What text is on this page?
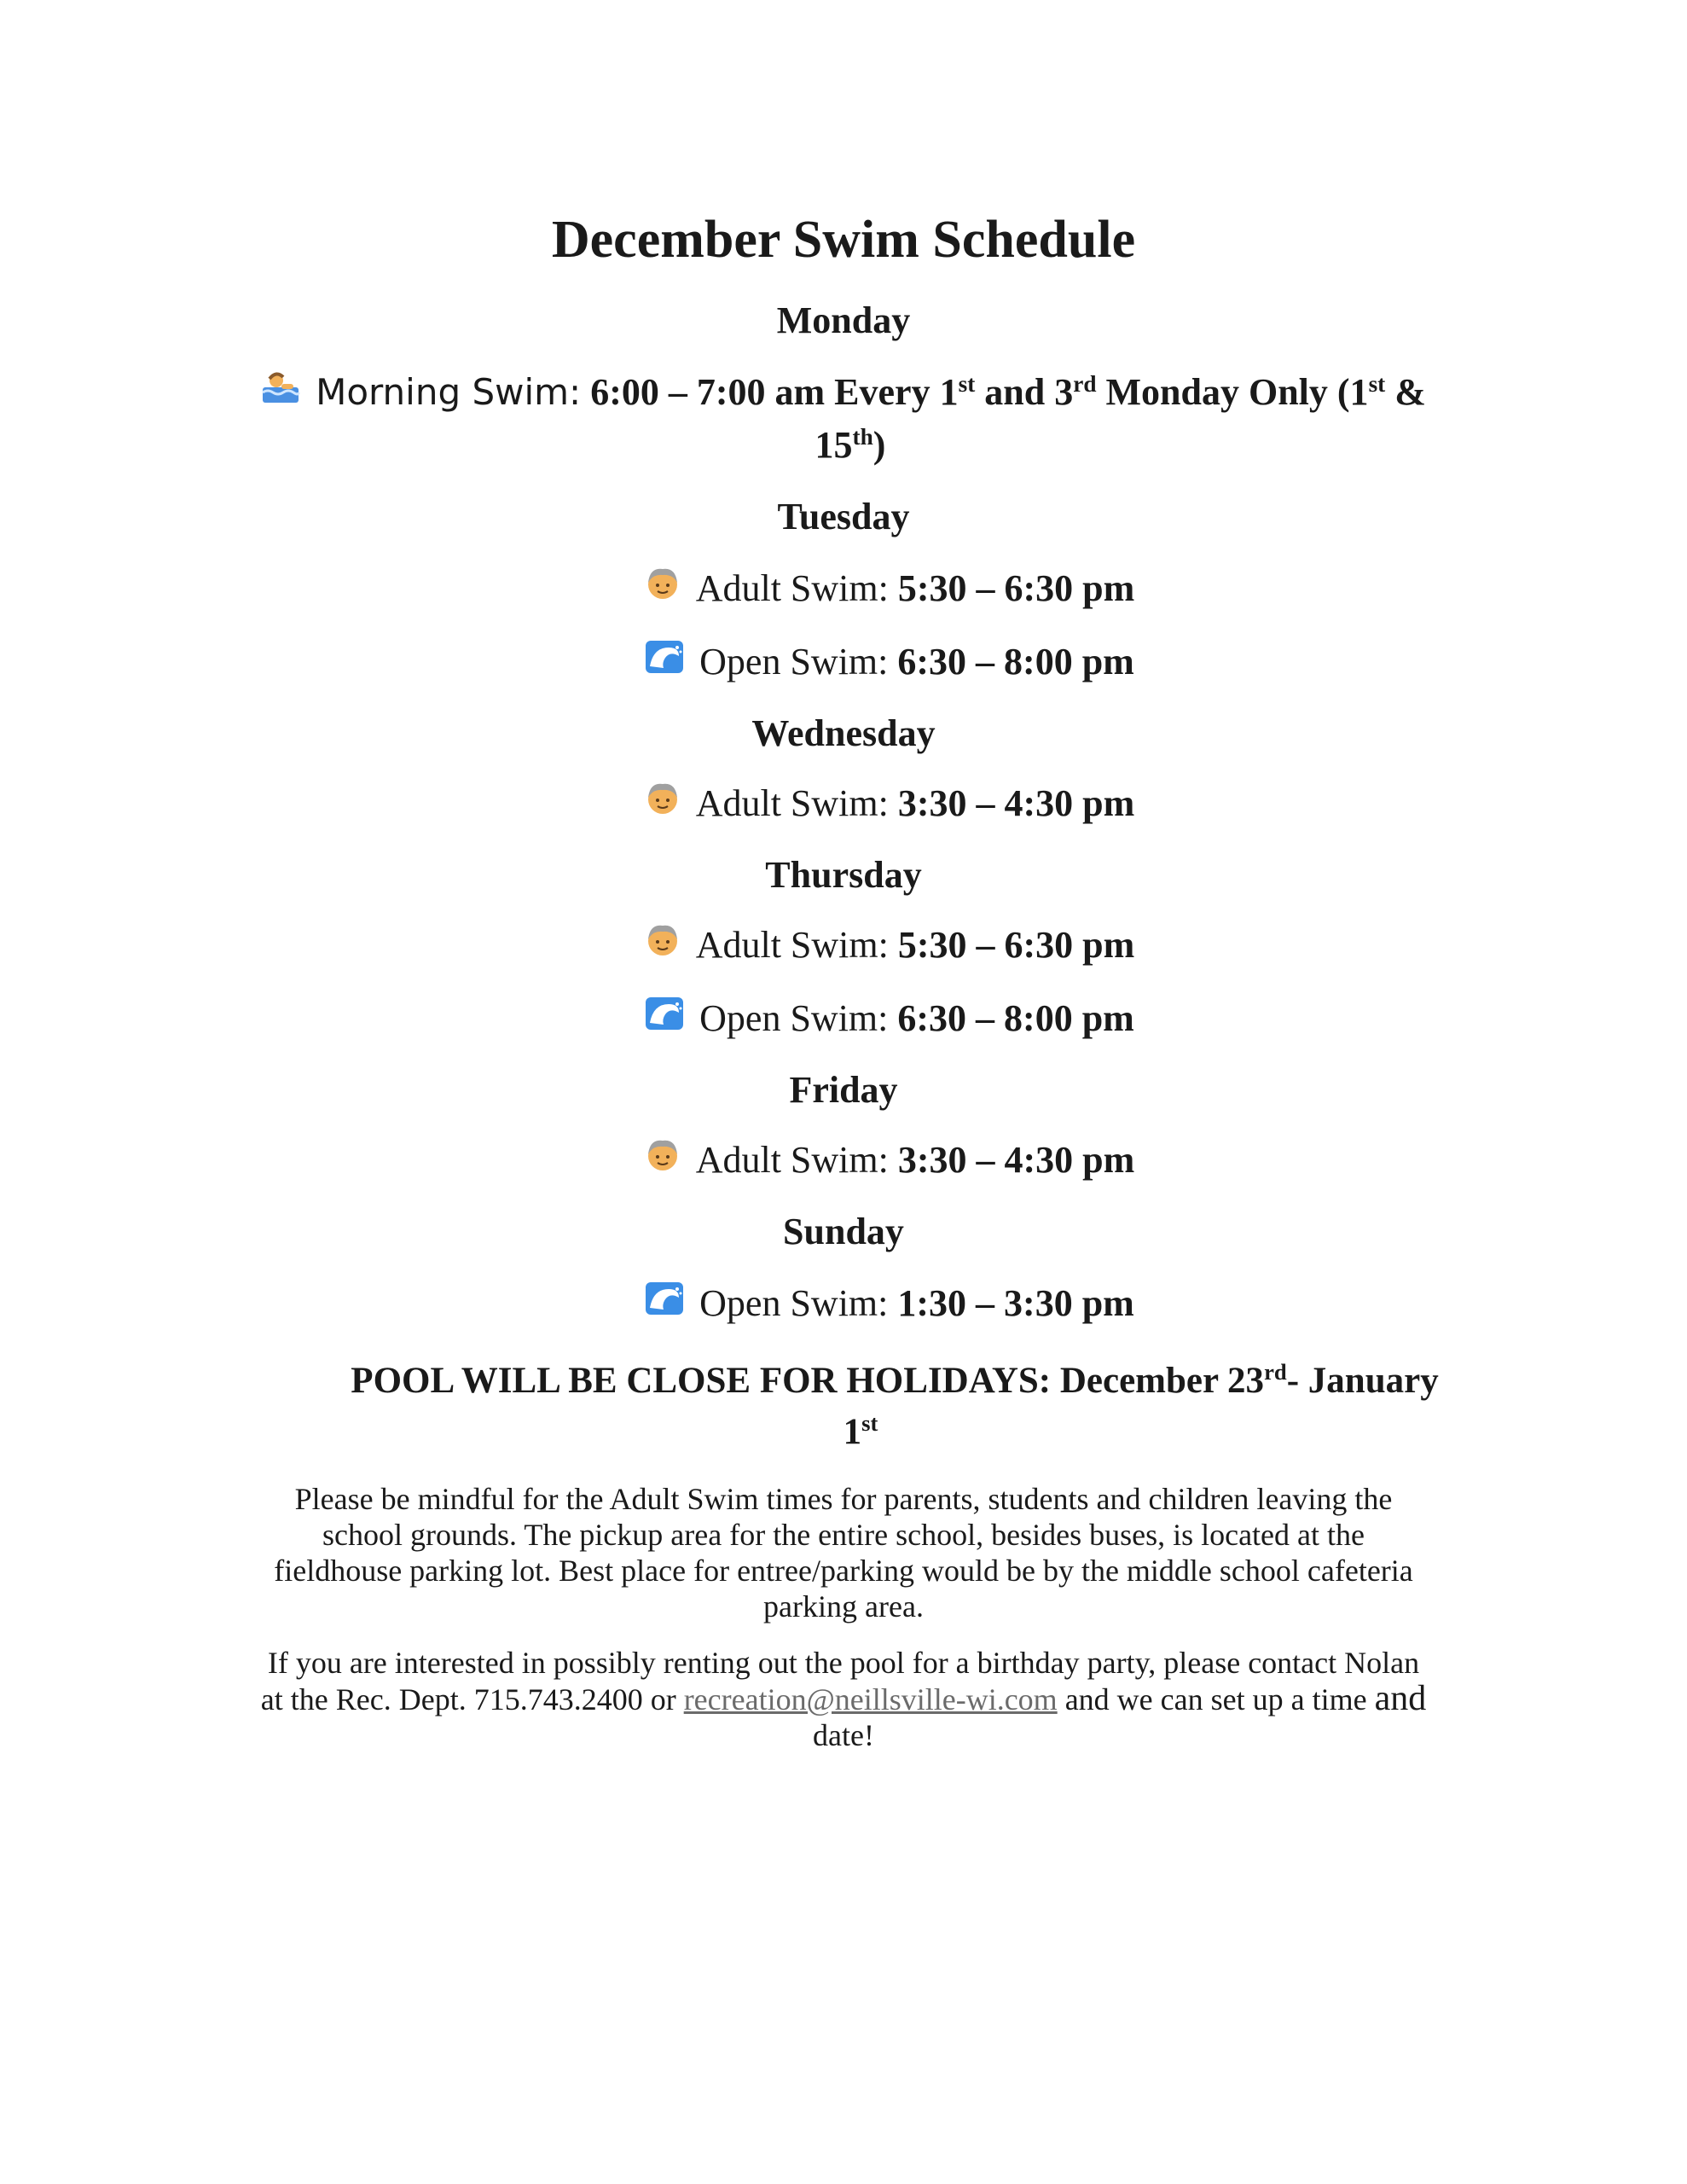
December Swim Schedule
Monday
Morning Swim: 6:00 – 7:00 am Every 1st and 3rd Monday Only (1st &
15th)
Tuesday
Adult Swim: 5:30 – 6:30 pm
Open Swim: 6:30 – 8:00 pm
Wednesday
Adult Swim: 3:30 – 4:30 pm
Thursday
Adult Swim: 5:30 – 6:30 pm
Open Swim: 6:30 – 8:00 pm
Friday
Adult Swim: 3:30 – 4:30 pm
Sunday
Open Swim: 1:30 – 3:30 pm
POOL WILL BE CLOSE FOR HOLIDAYS: December 23rd- January
1st
Please be mindful for the Adult Swim times for parents, students and children leaving the
school grounds. The pickup area for the entire school, besides buses, is located at the
fieldhouse parking lot. Best place for entree/parking would be by the middle school cafeteria
parking area.
If you are interested in possibly renting out the pool for a birthday party, please contact Nolan
at the Rec. Dept. 715.743.2400 or recreation@neillsville-wi.com and we can set up a time and
date!
